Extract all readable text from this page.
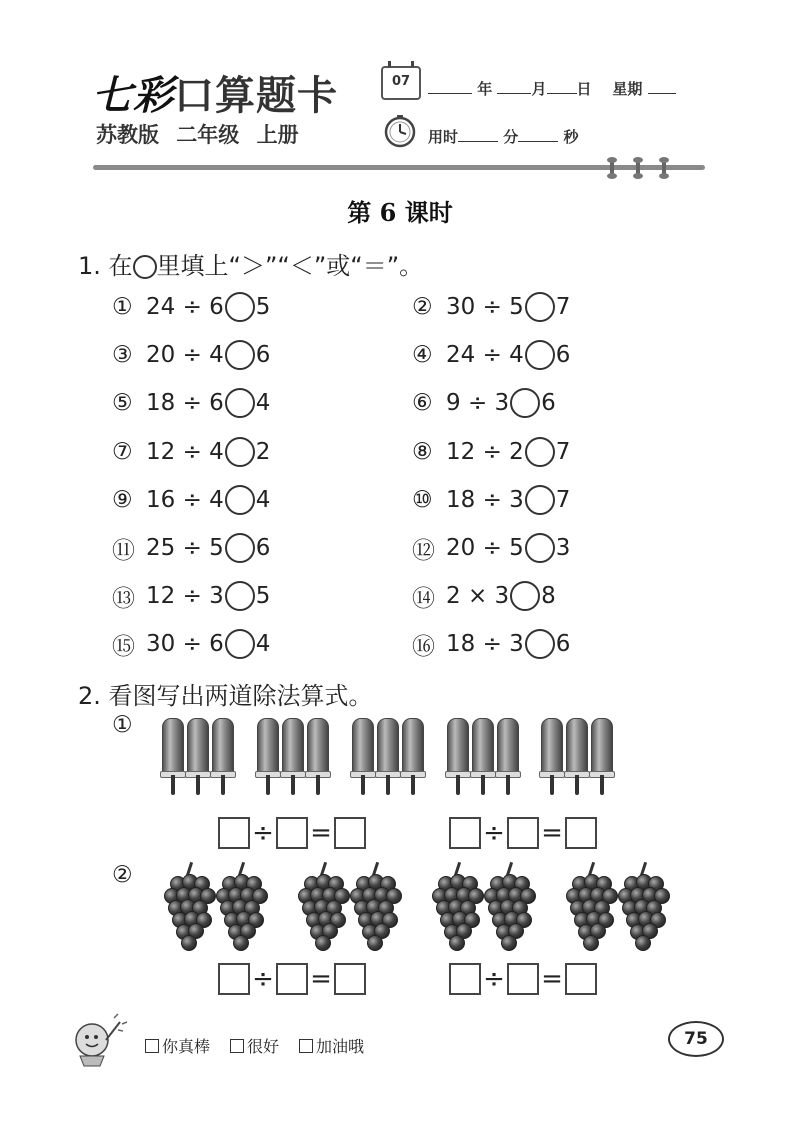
七彩口算题卡
苏教版 二年级 上册
07	年	月 日 星期
用时	分	秒
第 6 课时
1. 在 里填上“＞”“＜”或“＝”。
① 24 ÷ 6 5	② 30 ÷ 5 7
③ 20 ÷ 4 6	④ 24 ÷ 4 6
⑤ 18 ÷ 6 4	⑥ 9 ÷ 3 6
⑦ 12 ÷ 4 2	⑧ 12 ÷ 2 7
⑨ 16 ÷ 4 4	⑩ 18 ÷ 3 7
⑪ 25 ÷ 5 6	⑫ 20 ÷ 5 3
⑬ 12 ÷ 3 5	⑭ 2 × 3 8
⑮ 30 ÷ 6 4	⑯ 18 ÷ 3 6
2. 看图写出两道除法算式。
①
÷ =	÷ =
②
÷ =	÷ =
你真棒	很好	加油哦	75
